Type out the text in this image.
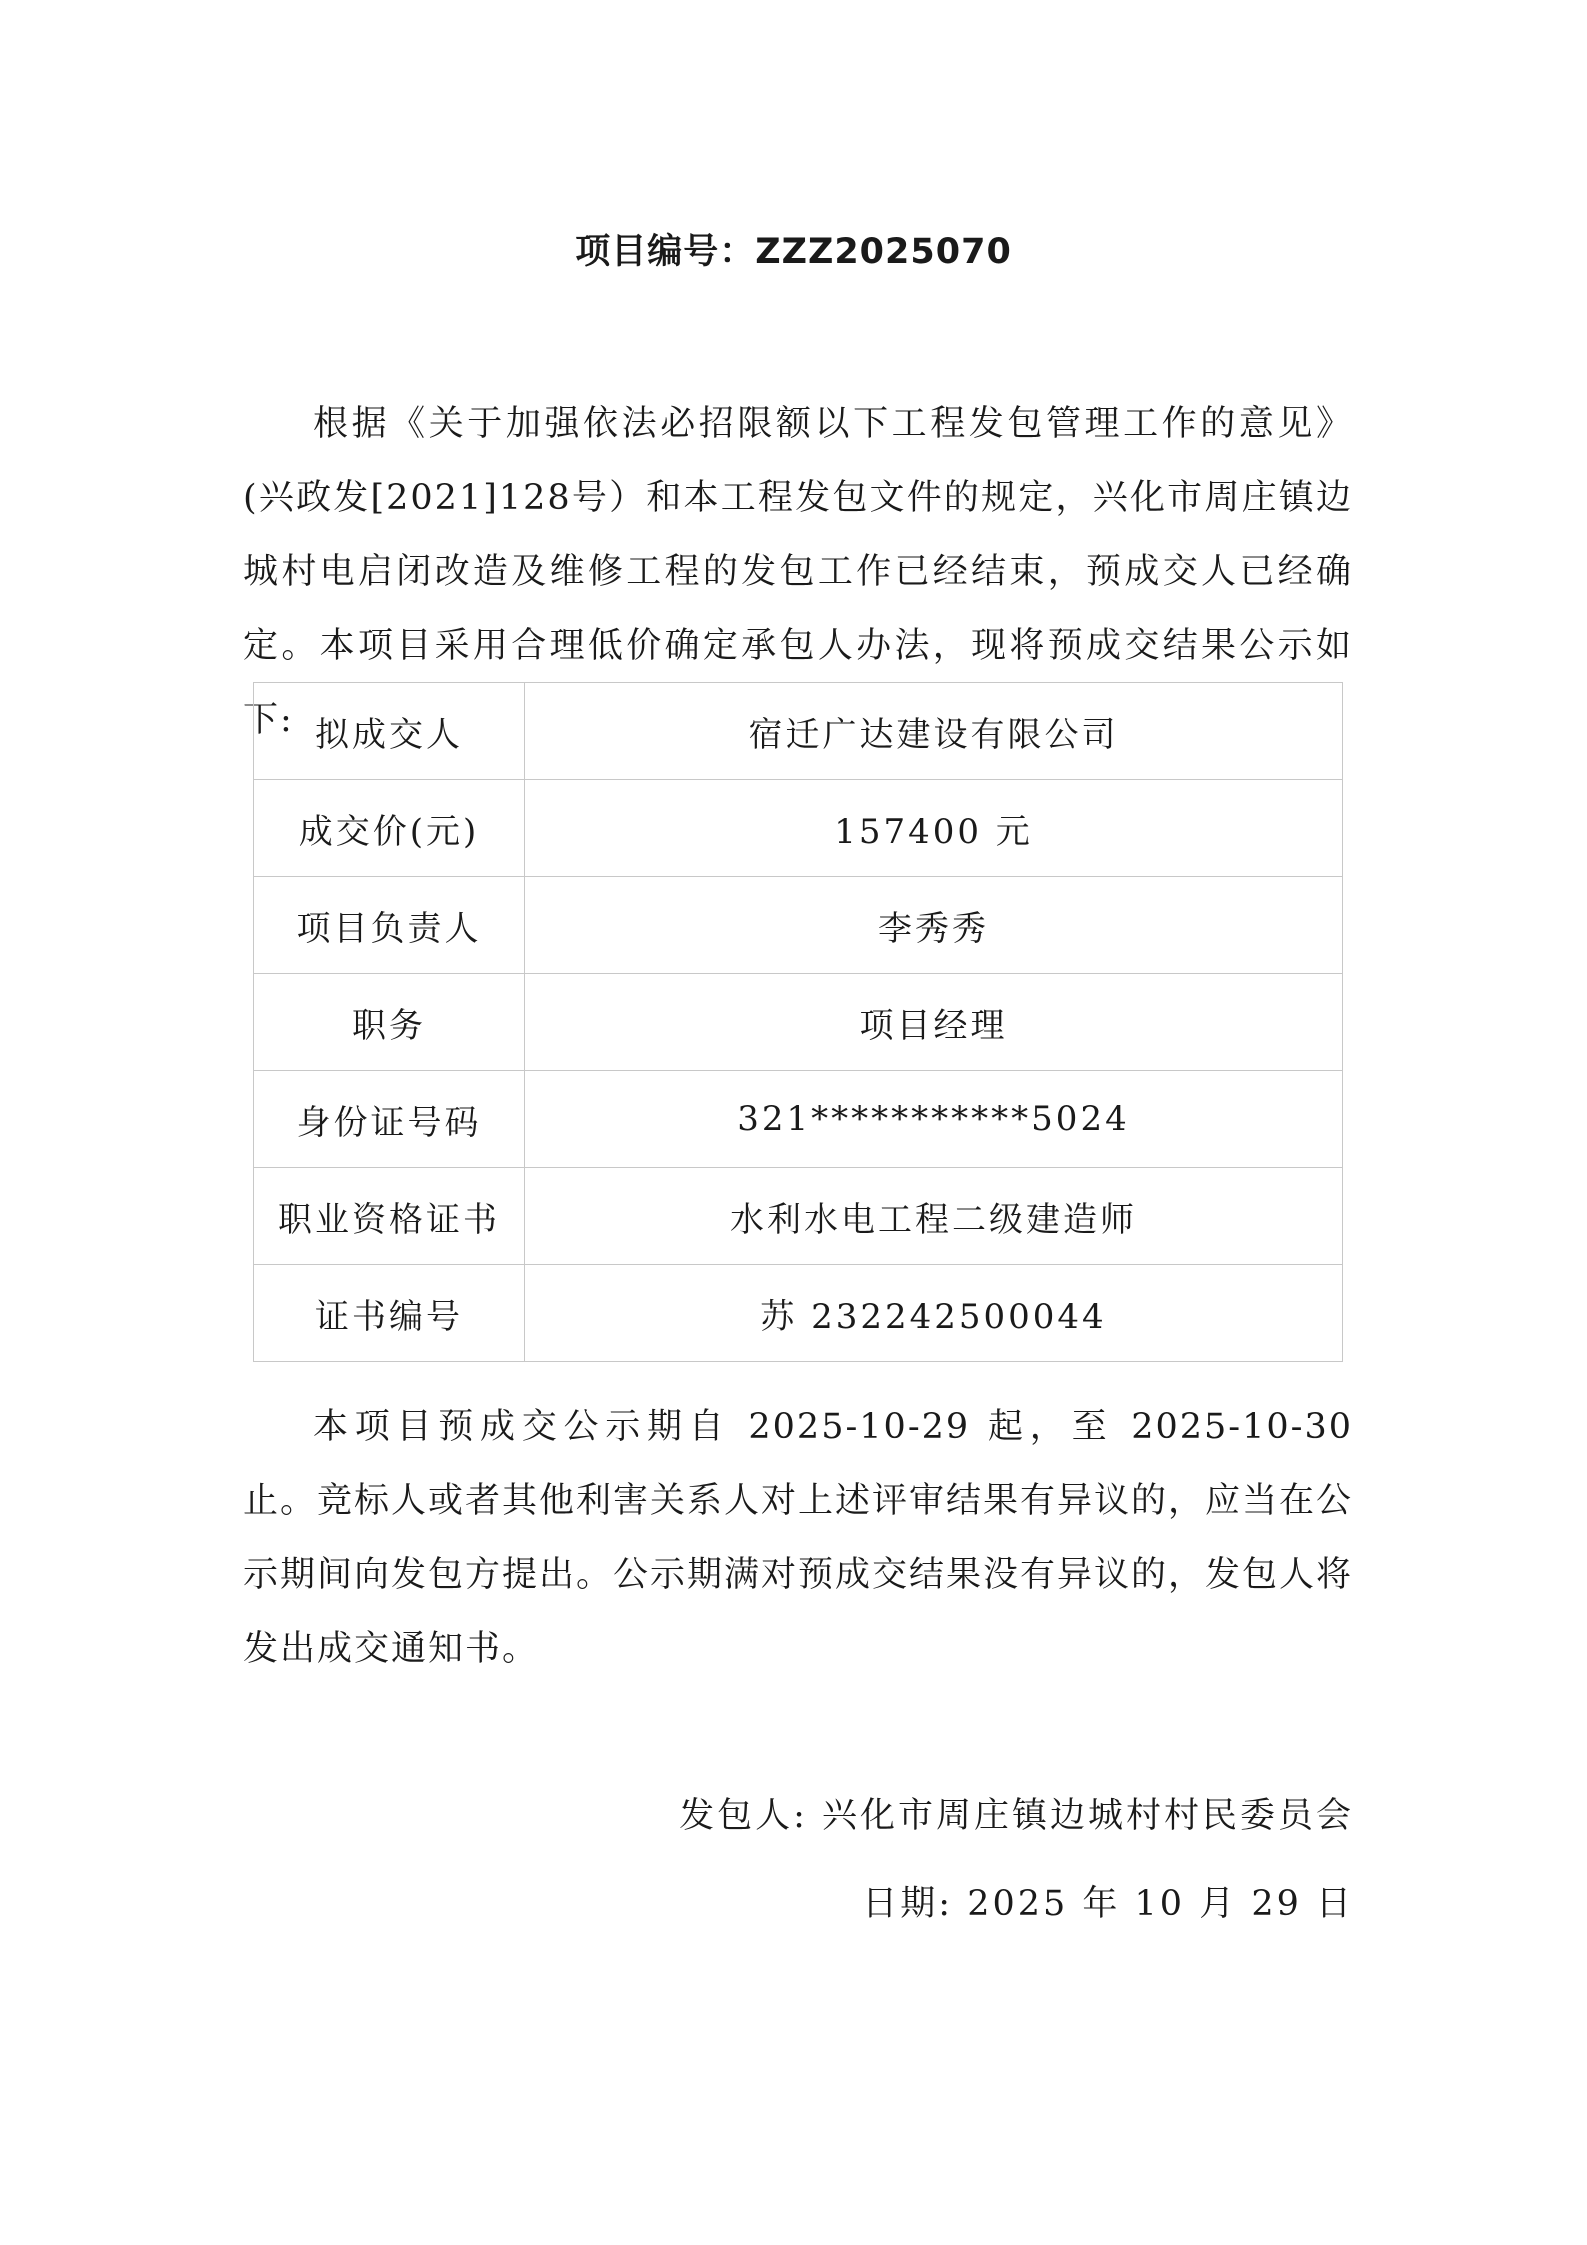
项目编号：ZZZ2025070
根据《关于加强依法必招限额以下工程发包管理工作的意见》(兴政发[2021]128号）和本工程发包文件的规定，兴化市周庄镇边城村电启闭改造及维修工程的发包工作已经结束，预成交人已经确定。本项目采用合理低价确定承包人办法，现将预成交结果公示如下: 拟成交人	宿迁广达建设有限公司
成交价(元)	157400 元
项目负责人	李秀秀
职务	项目经理
身份证号码	321***********5024
职业资格证书	水利水电工程二级建造师
证书编号	苏 232242500044
本项目预成交公示期自 2025-10-29 起，至 2025-10-30 止。竞标人或者其他利害关系人对上述评审结果有异议的，应当在公示期间向发包方提出。公示期满对预成交结果没有异议的，发包人将发出成交通知书。
发包人: 兴化市周庄镇边城村村民委员会
日期: 2025 年 10 月 29 日
